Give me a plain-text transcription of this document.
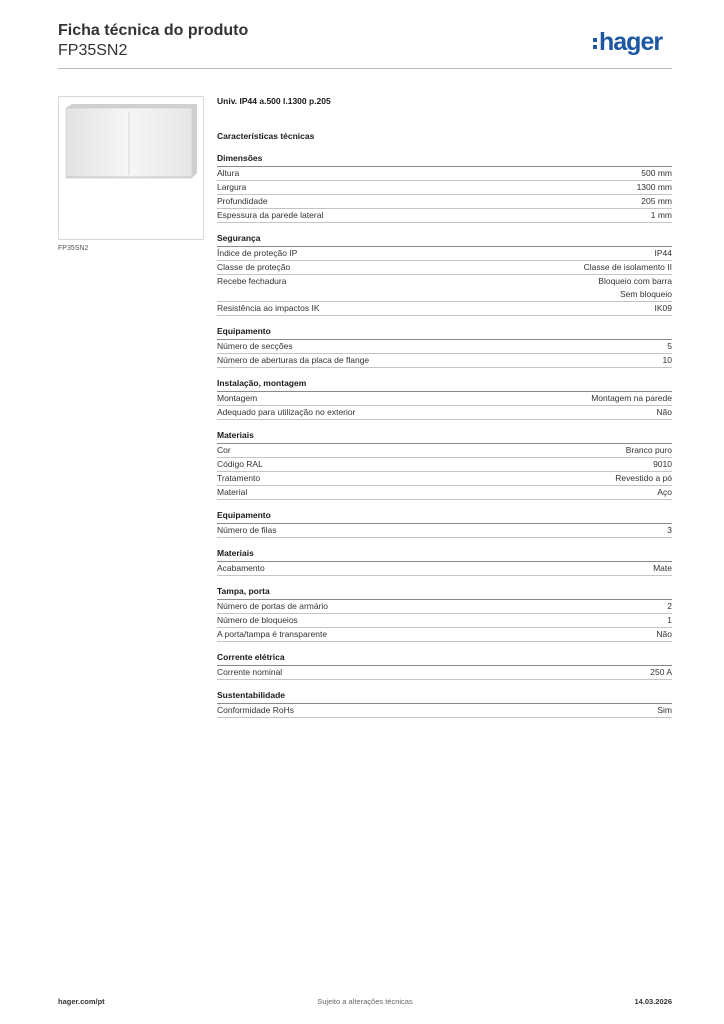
Ficha técnica do produto
FP35SN2	hager
FP35SN2
Univ. IP44 a.500 l.1300 p.205
Características técnicas
Dimensões
Altura	500 mm
Largura	1300 mm
Profundidade	205 mm
Espessura da parede lateral	1 mm
Segurança
Índice de proteção IP	IP44
Classe de proteção	Classe de isolamento II
Recebe fechadura	Bloqueio com barra
Sem bloqueio
Resistência ao impactos IK	IK09
Equipamento
Número de secções	5
Número de aberturas da placa de flange	10
Instalação, montagem
Montagem	Montagem na parede
Adequado para utilização no exterior	Não
Materiais
Cor	Branco puro
Código RAL	9010
Tratamento	Revestido a pó
Material	Aço
Equipamento
Número de filas	3
Materiais
Acabamento	Mate
Tampa, porta
Número de portas de armário	2
Número de bloqueios	1
A porta/tampa é transparente	Não
Corrente elétrica
Corrente nominal	250 A
Sustentabilidade
Conformidade RoHs	Sim
Sujeito a alterações técnicas
hager.com/pt	14.03.2026
